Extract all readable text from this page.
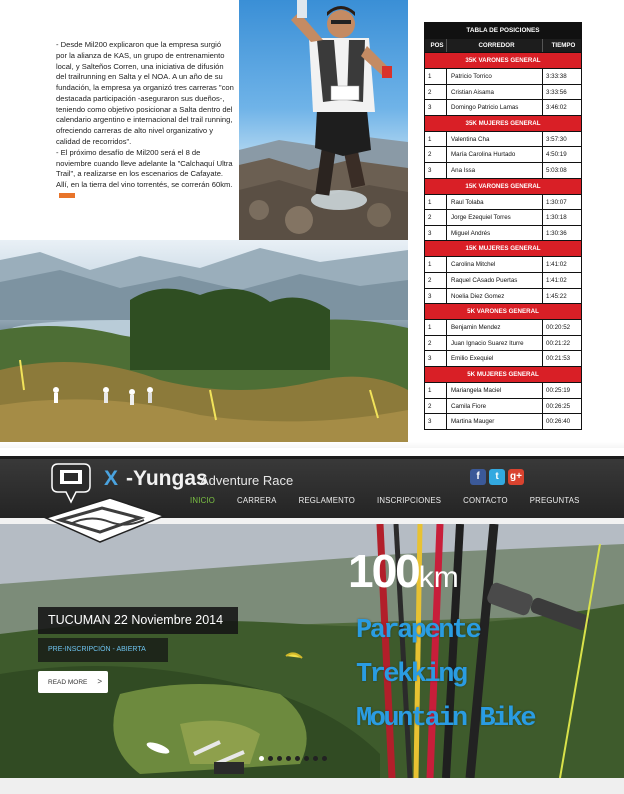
- Desde Mil200 explicaron que la empresa surgió por la alianza de KAS, un grupo de entrenamiento local, y Salteños Corren, una iniciativa de difusión del trailrunning en Salta y el NOA. A un año de su fundación, la empresa ya organizó tres carreras "con destacada participación -aseguraron sus dueños-, teniendo como objetivo posicionar a Salta dentro del calendario argentino e internacional del trail running, ofreciendo carreras de alto nivel organizativo y calidad de recorridos".

- El próximo desafío de Mil200 será el 8 de noviembre cuando lleve adelante la "Calchaquí Ultra Trail", a realizarse en los escenarios de Cafayate. Allí, en la tierra del vino torrentés, se correrán 60km.

TABLA DE POSICIONES
POS	CORREDOR	TIEMPO
35K VARONES GENERAL
1	Patricio Torrico	3:33:38
2	Cristian Aisama	3:33:56
3	Domingo Patricio Lamas	3:46:02
35K MUJERES GENERAL
1	Valentina Cha	3:57:30
2	María Carolina Hurtado	4:50:19
3	Ana Issa	5:03:08
15K VARONES GENERAL
1	Raul Tolaba	1:30:07
2	Jorge Ezequiel Torres	1:30:18
3	Miguel Andrés	1:30:36
15K MUJERES GENERAL
1	Carolina Mitchel	1:41:02
2	Raquel CAsado Puertas	1:41:02
3	Noelia Diez Gomez	1:45:22
5K VARONES GENERAL
1	Benjamin Mendez	00:20:52
2	Juan Ignacio Suarez Iturre	00:21:22
3	Emilio Exequiel	00:21:53
5K MUJERES GENERAL
1	Mariangela Maciel	00:25:19
2	Camila Fiore	00:26:25
3	Martina Mauger	00:26:40
X -Yungas
Adventure Race	f	t	g+
INICIO	CARRERA	REGLAMENTO	INSCRIPCIONES	CONTACTO	PREGUNTAS
TUCUMAN 22 Noviembre 2014
PRE-INSCRIPCIÓN - ABIERTA
READ MORE >
100km
Parapente
Trekking
Mountain Bike
